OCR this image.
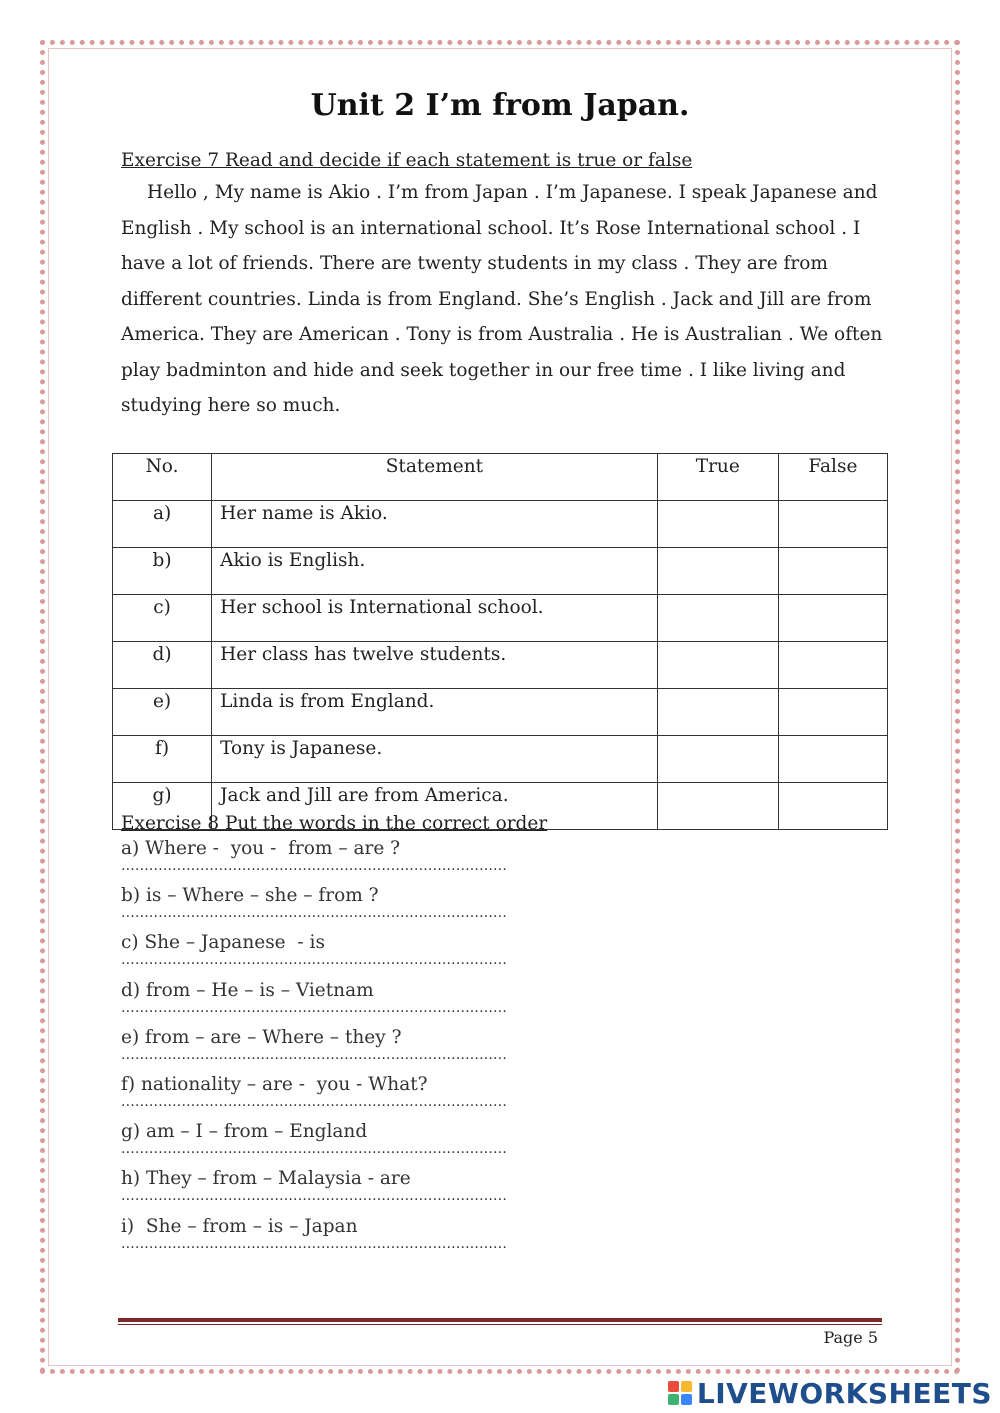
Unit 2 I’m from Japan.
Exercise 7 Read and decide if each statement is true or false
Hello , My name is Akio . I’m from Japan . I’m Japanese. I speak Japanese and English . My school is an international school. It’s Rose International school . I have a lot of friends. There are twenty students in my class . They are from different countries. Linda is from England. She’s English . Jack and Jill are from America. They are American . Tony is from Australia . He is Australian . We often play badminton and hide and seek together in our free time . I like living and studying here so much.
No.	Statement	True	False
a)	Her name is Akio.		
b)	Akio is English.		
c)	Her school is International school.		
d)	Her class has twelve students.		
e)	Linda is from England.		
f)	Tony is Japanese.		
g)	Jack and Jill are from America.		
Exercise 8 Put the words in the correct order
a) Where -  you -  from – are ?
...................................................................................
b) is – Where – she – from ?
...................................................................................
c) She – Japanese  - is
...................................................................................
d) from – He – is – Vietnam
...................................................................................
e) from – are – Where – they ?
...................................................................................
f) nationality – are -  you - What?
...................................................................................
g) am – I – from – England
...................................................................................
h) They – from – Malaysia - are
...................................................................................
i)  She – from – is – Japan
...................................................................................
Page 5
LIVEWORKSHEETS
